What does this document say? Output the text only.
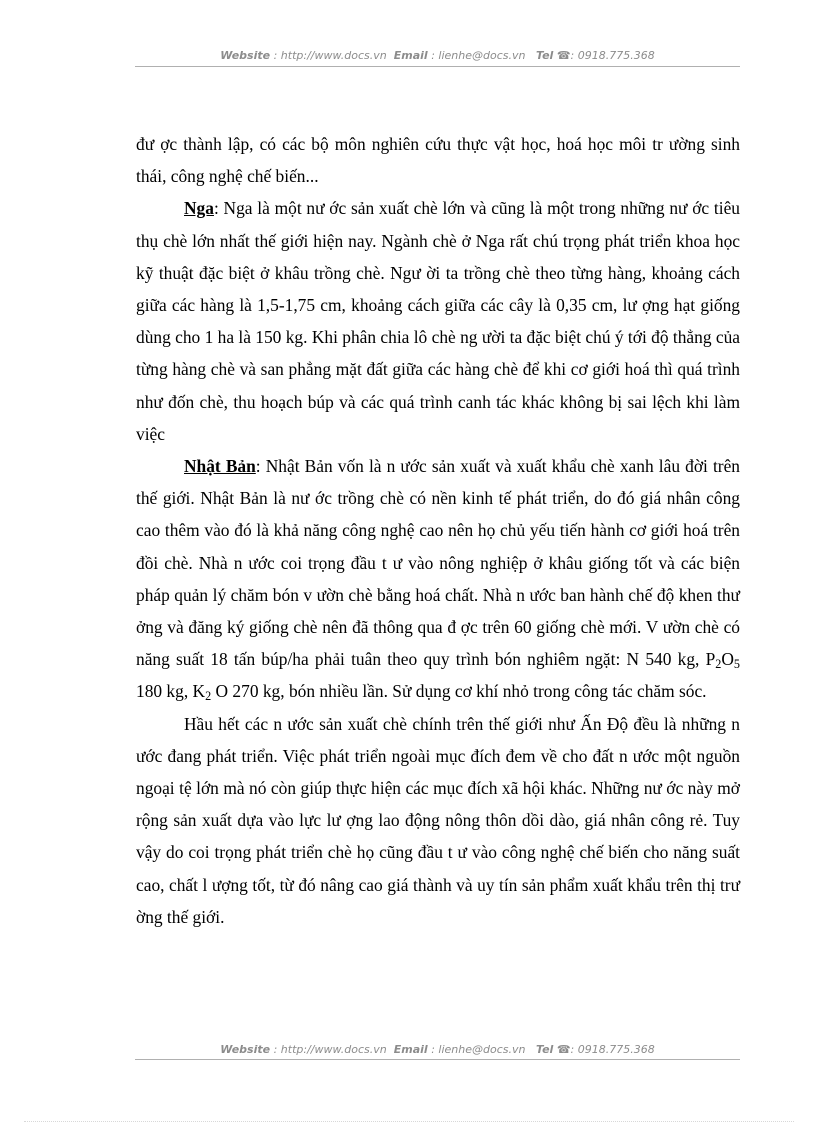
Website : http://www.docs.vn Email : lienhe@docs.vn Tel ☎: 0918.775.368

đư ợc thành lập, có các bộ môn nghiên cứu thực vật học, hoá học môi tr ường sinh thái, công nghệ chế biến...

Nga: Nga là một nư ớc sản xuất chè lớn và cũng là một trong những nư ớc tiêu thụ chè lớn nhất thế giới hiện nay. Ngành chè ở Nga rất chú trọng phát triển khoa học kỹ thuật đặc biệt ở khâu trồng chè. Ngư ời ta trồng chè theo từng hàng, khoảng cách giữa các hàng là 1,5-1,75 cm, khoảng cách giữa các cây là 0,35 cm, lư ợng hạt giống dùng cho 1 ha là 150 kg. Khi phân chia lô chè ng ười ta đặc biệt chú ý tới độ thẳng của từng hàng chè và san phẳng mặt đất giữa các hàng chè để khi cơ giới hoá thì quá trình như đốn chè, thu hoạch búp và các quá trình canh tác khác không bị sai lệch khi làm việc

Nhật Bản: Nhật Bản vốn là n ước sản xuất và xuất khẩu chè xanh lâu đời trên thế giới. Nhật Bản là nư ớc trồng chè có nền kinh tế phát triển, do đó giá nhân công cao thêm vào đó là khả năng công nghệ cao nên họ chủ yếu tiến hành cơ giới hoá trên đồi chè. Nhà n ước coi trọng đầu t ư vào nông nghiệp ở khâu giống tốt và các biện pháp quản lý chăm bón v ườn chè bằng hoá chất. Nhà n ước ban hành chế độ khen thư ởng và đăng ký giống chè nên đã thông qua đ ợc trên 60 giống chè mới. V ườn chè có năng suất 18 tấn búp/ha phải tuân theo quy trình bón nghiêm ngặt: N 540 kg, $P_2O_5$ 180 kg, $K_2$ O 270 kg, bón nhiều lần. Sử dụng cơ khí nhỏ trong công tác chăm sóc.

Hầu hết các n ước sản xuất chè chính trên thế giới như Ấn Độ đều là những n ước đang phát triển. Việc phát triển ngoài mục đích đem về cho đất n ước một nguồn ngoại tệ lớn mà nó còn giúp thực hiện các mục đích xã hội khác. Những nư ớc này mở rộng sản xuất dựa vào lực lư ợng lao động nông thôn dồi dào, giá nhân công rẻ. Tuy vậy do coi trọng phát triển chè họ cũng đầu t ư vào công nghệ chế biến cho năng suất cao, chất l ượng tốt, từ đó nâng cao giá thành và uy tín sản phẩm xuất khẩu trên thị trư ờng thế giới.

Website : http://www.docs.vn Email : lienhe@docs.vn Tel ☎: 0918.775.368
